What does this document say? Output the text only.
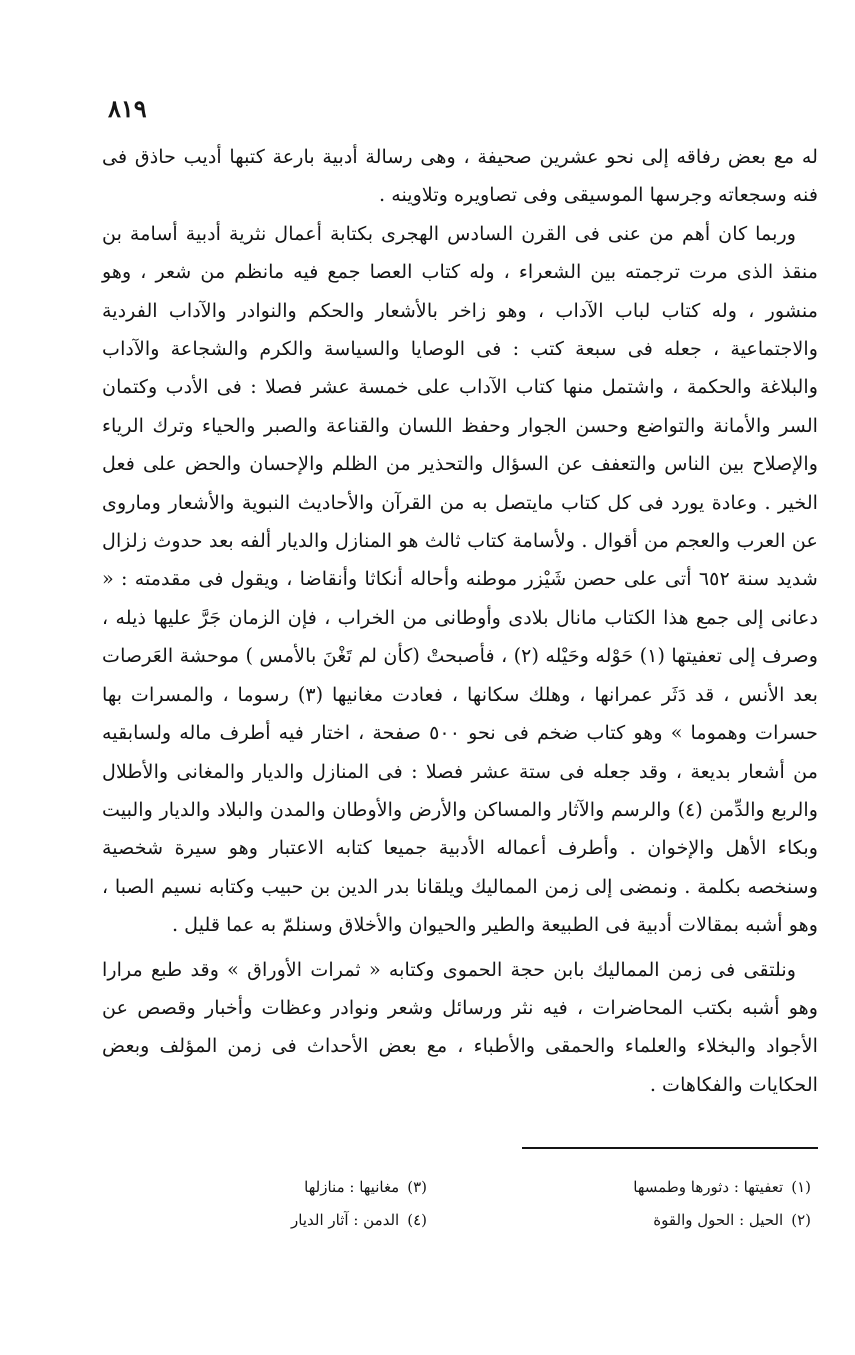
٨١٩

له مع بعض رفاقه إلى نحو عشرين صحيفة ، وهى رسالة أدبية بارعة كتبها أديب حاذق فى فنه وسجعاته وجرسها الموسيقى وفى تصاويره وتلاوينه .

وربما كان أهم من عنى فى القرن السادس الهجرى بكتابة أعمال نثرية أدبية أسامة بن منقذ الذى مرت ترجمته بين الشعراء ، وله كتاب العصا جمع فيه مانظم من شعر ، وهو منشور ، وله كتاب لباب الآداب ، وهو زاخر بالأشعار والحكم والنوادر والآداب الفردية والاجتماعية ، جعله فى سبعة كتب : فى الوصايا والسياسة والكرم والشجاعة والآداب والبلاغة والحكمة ، واشتمل منها كتاب الآداب على خمسة عشر فصلا : فى الأدب وكتمان السر والأمانة والتواضع وحسن الجوار وحفظ اللسان والقناعة والصبر والحياء وترك الرياء والإصلاح بين الناس والتعفف عن السؤال والتحذير من الظلم والإحسان والحض على فعل الخير . وعادة يورد فى كل كتاب مايتصل به من القرآن والأحاديث النبوية والأشعار وماروى عن العرب والعجم من أقوال . ولأسامة كتاب ثالث هو المنازل والديار ألفه بعد حدوث زلزال شديد سنة ٦٥٢ أتى على حصن شَيْزر موطنه وأحاله أنكاثا وأنقاضا ، ويقول فى مقدمته : « دعانى إلى جمع هذا الكتاب مانال بلادى وأوطانى من الخراب ، فإن الزمان جَرَّ عليها ذيله ، وصرف إلى تعفيتها (١) حَوْله وحَيْله (٢) ، فأصبحتْ (كأن لم تَغْنَ بالأمس ) موحشة العَرصات بعد الأنس ، قد دَثَر عمرانها ، وهلك سكانها ، فعادت مغانيها (٣) رسوما ، والمسرات بها حسرات وهموما » وهو كتاب ضخم فى نحو ٥٠٠ صفحة ، اختار فيه أطرف ماله ولسابقيه من أشعار بديعة ، وقد جعله فى ستة عشر فصلا : فى المنازل والديار والمغانى والأطلال والربع والدِّمن (٤) والرسم والآثار والمساكن والأرض والأوطان والمدن والبلاد والديار والبيت وبكاء الأهل والإخوان . وأطرف أعماله الأدبية جميعا كتابه الاعتبار وهو سيرة شخصية وسنخصه بكلمة . ونمضى إلى زمن المماليك ويلقانا بدر الدين بن حبيب وكتابه نسيم الصبا ، وهو أشبه بمقالات أدبية فى الطبيعة والطير والحيوان والأخلاق وسنلمّ به عما قليل .

ونلتقى فى زمن المماليك بابن حجة الحموى وكتابه « ثمرات الأوراق » وقد طبع مرارا وهو أشبه بكتب المحاضرات ، فيه نثر ورسائل وشعر ونوادر وعظات وأخبار وقصص عن الأجواد والبخلاء والعلماء والحمقى والأطباء ، مع بعض الأحداث فى زمن المؤلف وبعض الحكايات والفكاهات .

(١)تعفيتها : دثورها وطمسها
(٢)الحيل : الحول والقوة
(٣)مغانيها : منازلها
(٤)الدمن : آثار الديار
